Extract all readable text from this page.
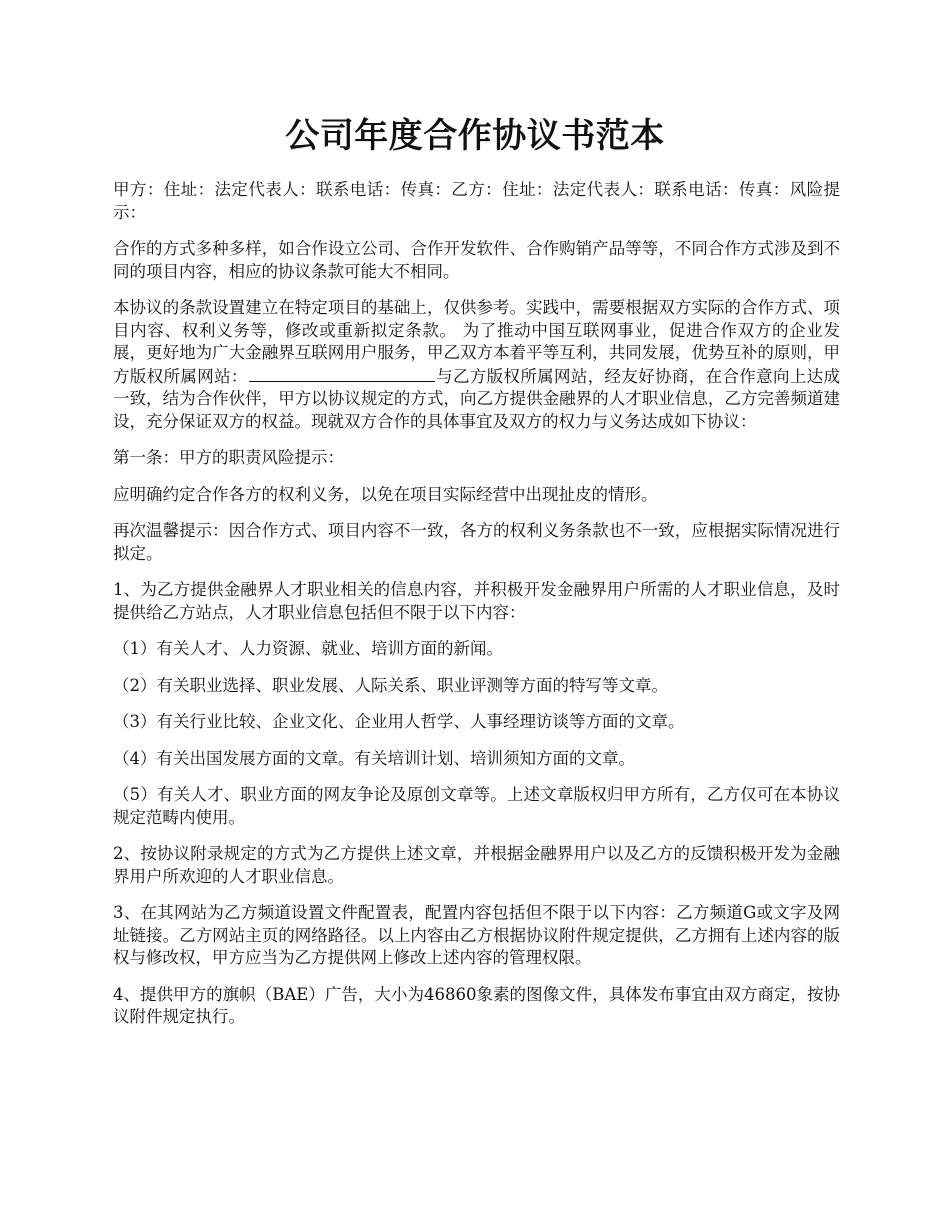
公司年度合作协议书范本

甲方：住址：法定代表人：联系电话：传真：乙方：住址：法定代表人：联系电话：传真：风险提示：

合作的方式多种多样，如合作设立公司、合作开发软件、合作购销产品等等，不同合作方式涉及到不同的项目内容，相应的协议条款可能大不相同。

本协议的条款设置建立在特定项目的基础上，仅供参考。实践中，需要根据双方实际的合作方式、项目内容、权利义务等，修改或重新拟定条款。 为了推动中国互联网事业，促进合作双方的企业发展，更好地为广大金融界互联网用户服务，甲乙双方本着平等互利，共同发展，优势互补的原则，甲方版权所属网站：	与乙方版权所属网站，经友好协商，在合作意向上达成一致，结为合作伙伴，甲方以协议规定的方式，向乙方提供金融界的人才职业信息，乙方完善频道建设，充分保证双方的权益。现就双方合作的具体事宜及双方的权力与义务达成如下协议：

第一条：甲方的职责风险提示：

应明确约定合作各方的权利义务，以免在项目实际经营中出现扯皮的情形。

再次温馨提示：因合作方式、项目内容不一致，各方的权利义务条款也不一致，应根据实际情况进行拟定。

1、为乙方提供金融界人才职业相关的信息内容，并积极开发金融界用户所需的人才职业信息，及时提供给乙方站点，人才职业信息包括但不限于以下内容：

（1）有关人才、人力资源、就业、培训方面的新闻。

（2）有关职业选择、职业发展、人际关系、职业评测等方面的特写等文章。

（3）有关行业比较、企业文化、企业用人哲学、人事经理访谈等方面的文章。

（4）有关出国发展方面的文章。有关培训计划、培训须知方面的文章。

（5）有关人才、职业方面的网友争论及原创文章等。上述文章版权归甲方所有，乙方仅可在本协议规定范畴内使用。

2、按协议附录规定的方式为乙方提供上述文章，并根据金融界用户以及乙方的反馈积极开发为金融界用户所欢迎的人才职业信息。

3、在其网站为乙方频道设置文件配置表，配置内容包括但不限于以下内容：乙方频道G或文字及网址链接。乙方网站主页的网络路径。以上内容由乙方根据协议附件规定提供，乙方拥有上述内容的版权与修改权，甲方应当为乙方提供网上修改上述内容的管理权限。

4、提供甲方的旗帜（BAE）广告，大小为46860象素的图像文件，具体发布事宜由双方商定，按协议附件规定执行。
